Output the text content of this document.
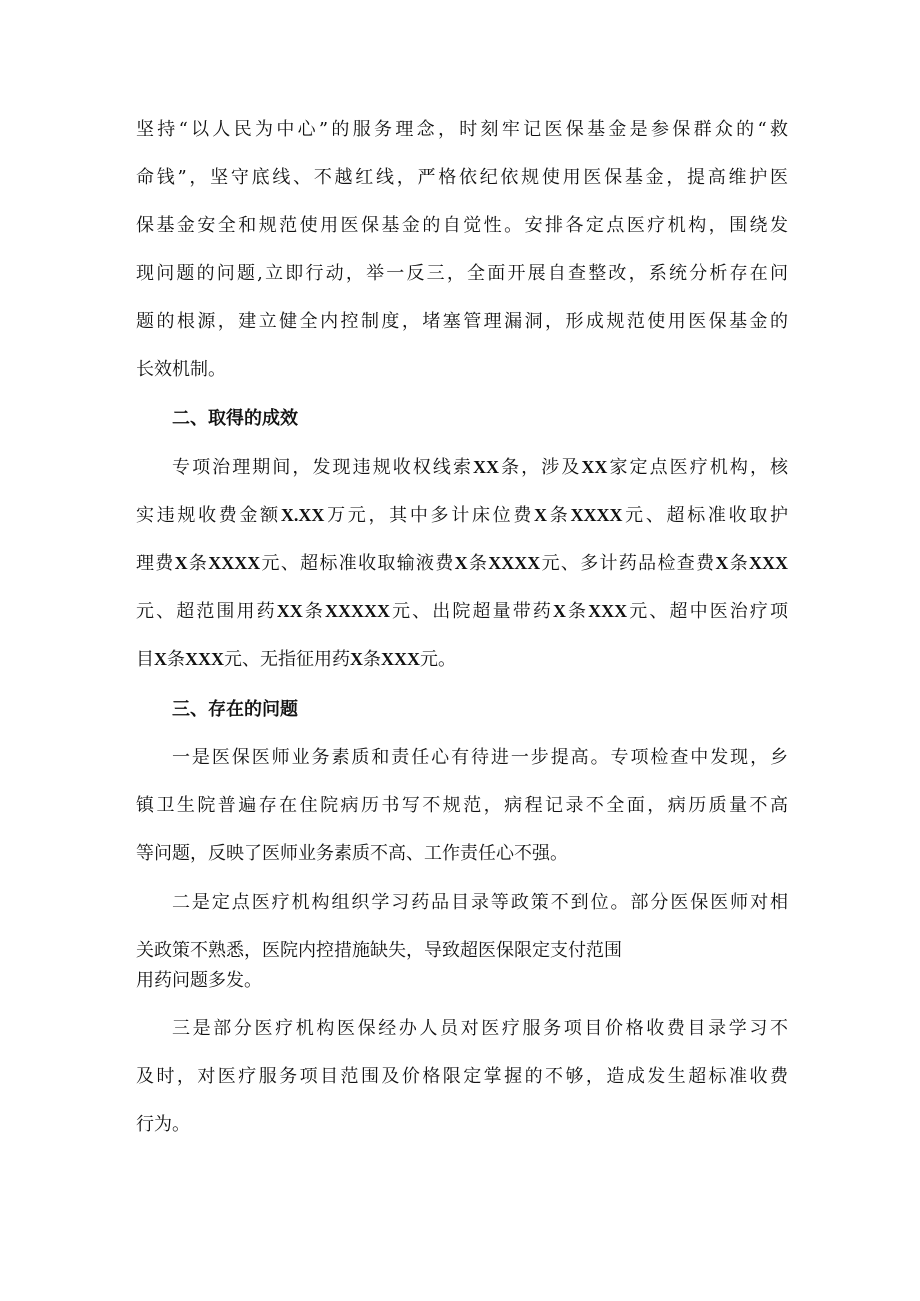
坚持“以人民为中心”的服务理念，时刻牢记医保基金是参保群众的“救
命钱”，坚守底线、不越红线，严格依纪依规使用医保基金，提高维护医
保基金安全和规范使用医保基金的自觉性。安排各定点医疗机构，围绕发
现问题的问题,立即行动，举一反三，全面开展自查整改，系统分析存在问
题的根源，建立健全内控制度，堵塞管理漏洞，形成规范使用医保基金的
长效机制。
二、取得的成效
专项治理期间，发现违规收权线索XX条，涉及XX家定点医疗机构，核
实违规收费金额X.XX万元，其中多计床位费X条XXXX元、超标准收取护
理费X条XXXX元、超标准收取输液费X条XXXX元、多计药品检查费X条XXX
元、超范围用药XX条XXXXX元、出院超量带药X条XXX元、超中医治疗项
目X条XXX元、无指征用药X条XXX元。
三、存在的问题
一是医保医师业务素质和责任心有待进一步提高。专项检查中发现，乡
镇卫生院普遍存在住院病历书写不规范，病程记录不全面，病历质量不高
等问题，反映了医师业务素质不高、工作责任心不强。
二是定点医疗机构组织学习药品目录等政策不到位。部分医保医师对相
关政策不熟悉，医院内控措施缺失，导致超医保限定支付范围
用药问题多发。
三是部分医疗机构医保经办人员对医疗服务项目价格收费目录学习不
及时，对医疗服务项目范围及价格限定掌握的不够，造成发生超标准收费
行为。
